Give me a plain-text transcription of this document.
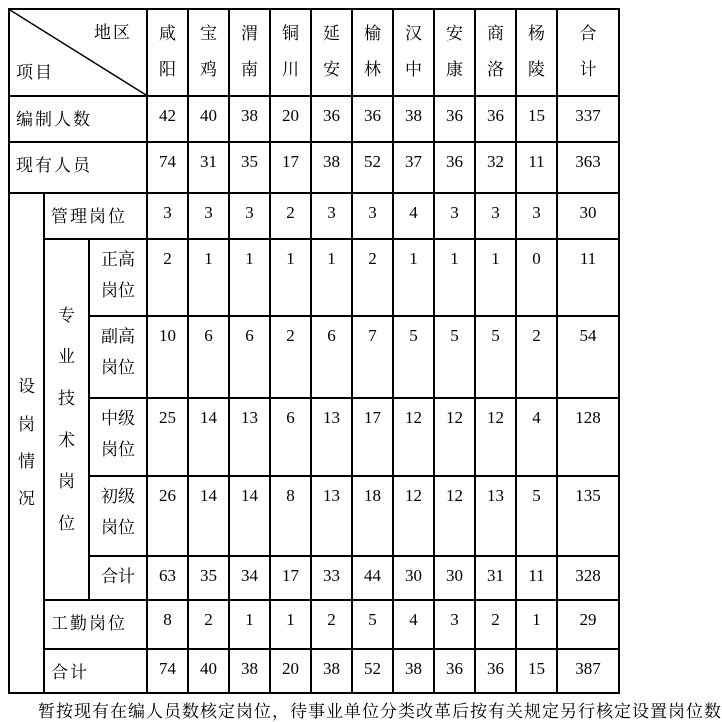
地区
项目			咸阳	宝鸡	渭南	铜川	延安	榆林	汉中	安康	商洛	杨陵	合计
编制人数			42	40	38	20	36	36	38	36	36	15	337
现有人员			74	31	35	17	38	52	37	36	32	11	363
设岗情况	管理岗位		3	3	3	2	3	3	4	3	3	3	30
	专业技术岗位	正高岗位	2	1	1	1	1	2	1	1	1	0	11
		副高岗位	10	6	6	2	6	7	5	5	5	2	54
		中级岗位	25	14	13	6	13	17	12	12	12	4	128
		初级岗位	26	14	14	8	13	18	12	12	13	5	135
		合计	63	35	34	17	33	44	30	30	31	11	328
	工勤岗位		8	2	1	1	2	5	4	3	2	1	29
	合计		74	40	38	20	38	52	38	36	36	15	387
暂按现有在编人员数核定岗位，待事业单位分类改革后按有关规定另行核定设置岗位数
